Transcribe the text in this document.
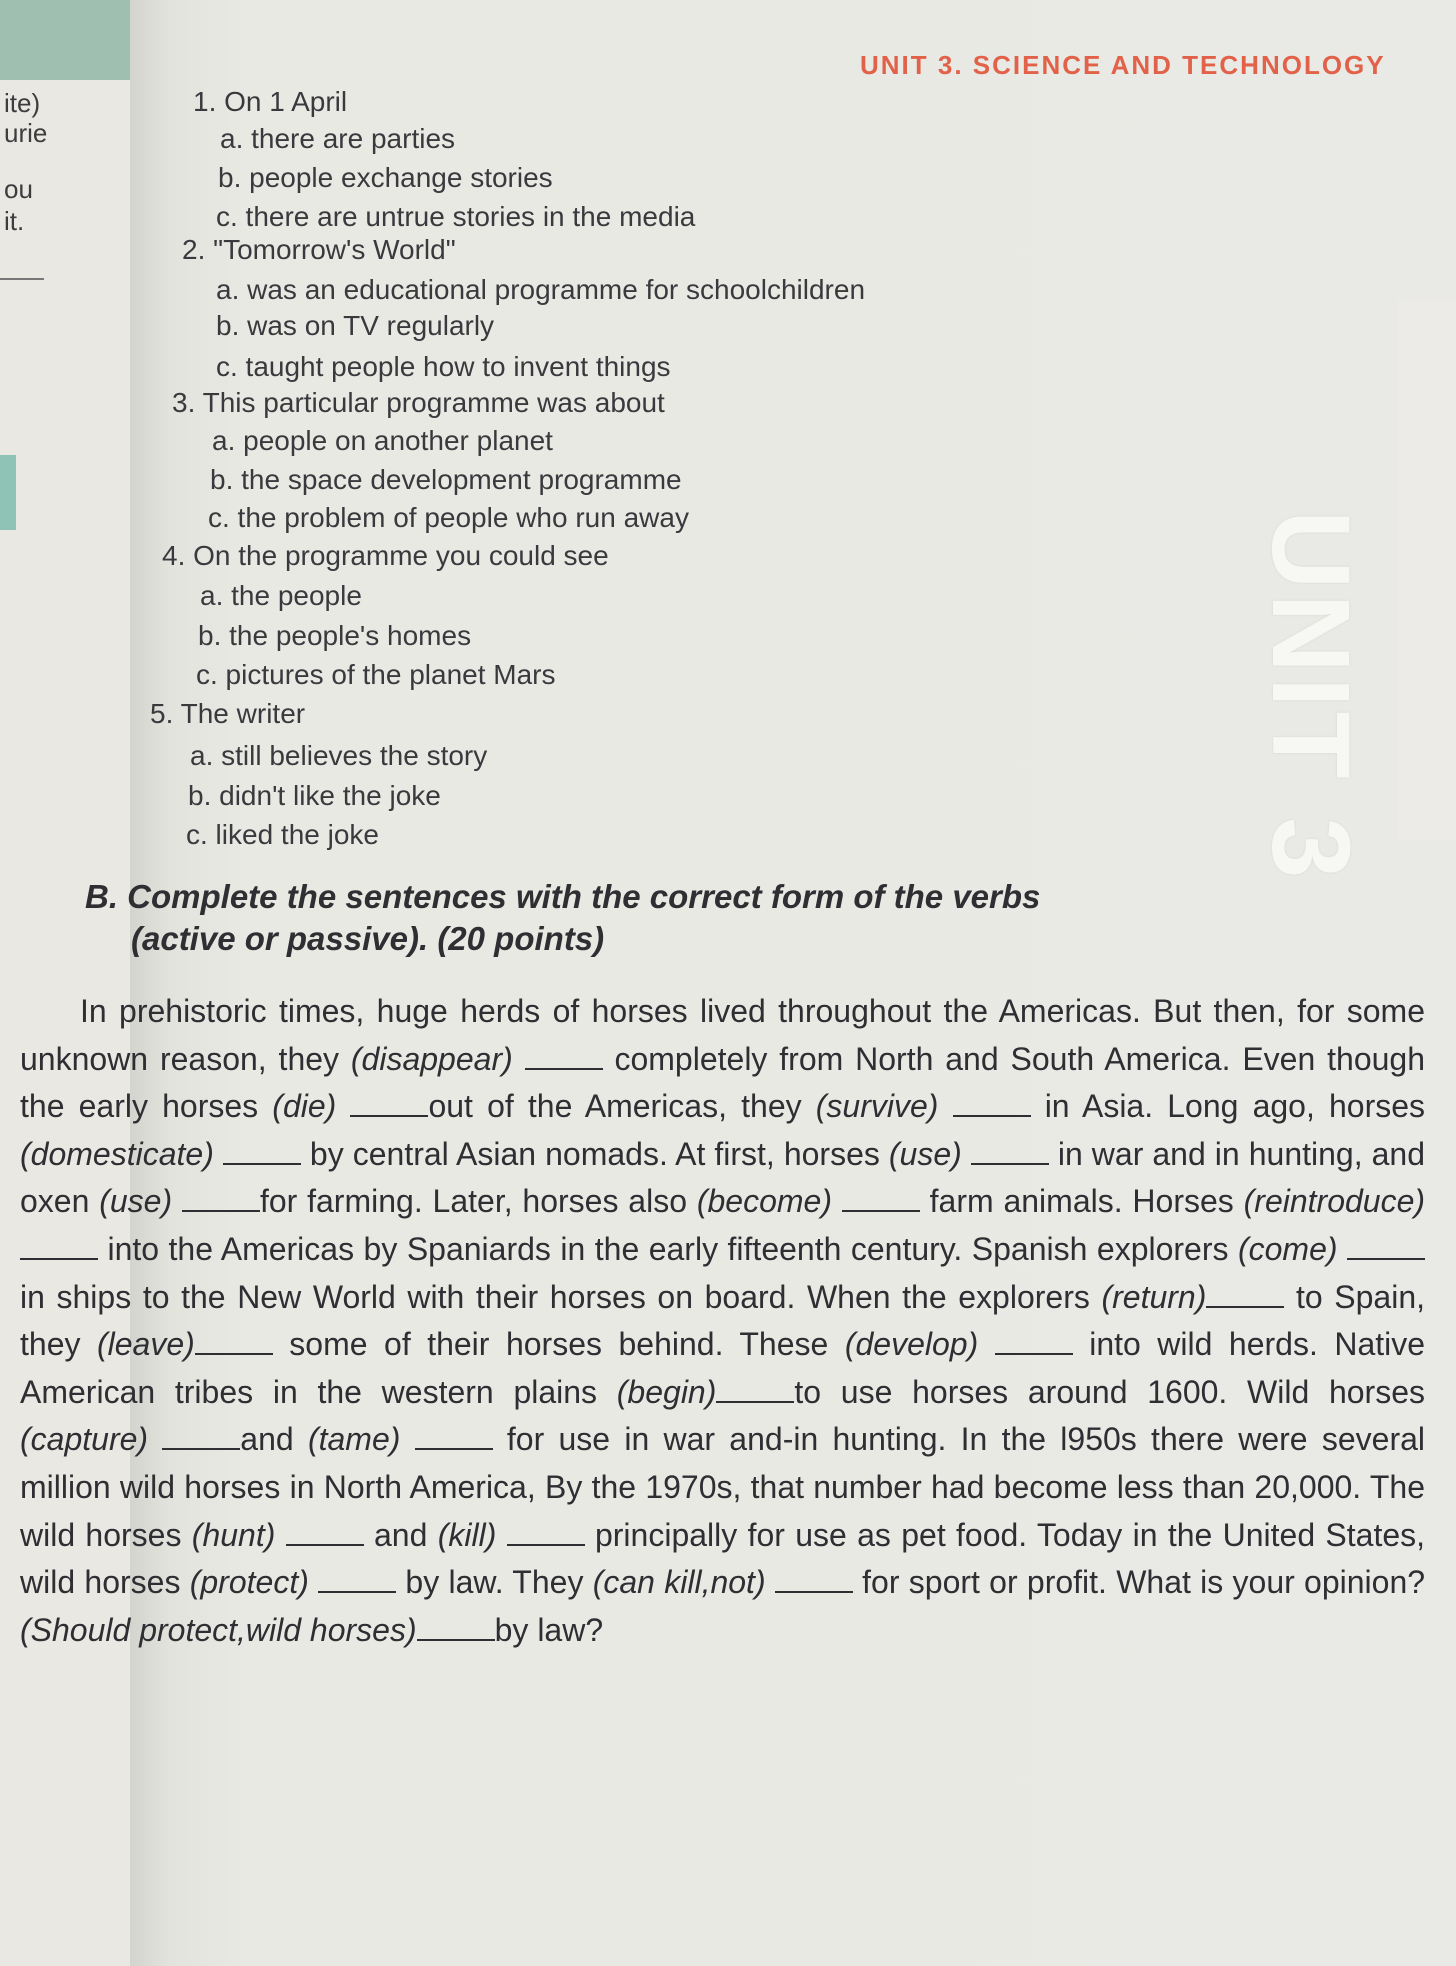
ite)

urie

ou

it.

UNIT 3. SCIENCE AND TECHNOLOGY
UNIT 3

1. On 1 April

a. there are parties

b. people exchange stories

c. there are untrue stories in the media

2. "Tomorrow's World"

a. was an educational programme for schoolchildren

b. was on TV regularly

c. taught people how to invent things

3. This particular programme was about

a. people on another planet

b. the space development programme

c. the problem of people who run away

4. On the programme you could see

a. the people

b. the people's homes

c. pictures of the planet Mars

5. The writer

a. still believes the story

b. didn't like the joke

c. liked the joke

B. Complete the sentences with the correct form of the verbs
(active or passive). (20 points)

In prehistoric times, huge herds of horses lived throughout the Americas. But then, for some unknown reason, they (disappear)	completely from North and South America. Even though the early horses (die)	out of the Americas, they (survive)	in Asia. Long ago, horses (domesticate)	by central Asian nomads. At first, horses (use)	in war and in hunting, and oxen (use)	for farming. Later, horses also (become)	farm animals. Horses (reintroduce)  into the Americas by Spaniards in the early fifteenth century. Spanish explorers (come)  in ships to the New World with their horses on board. When the explorers (return) to Spain, they (leave) some of their horses behind. These (develop)	into wild herds. Native American tribes in the western plains (begin) to use horses around 1600. Wild horses (capture)	and (tame)	for use in war and-in hunting. In the l950s there were several million wild horses in North America, By the 1970s, that number had become less than 20,000. The wild horses (hunt)	and (kill)	principally for use as pet food. Today in the United States, wild horses (protect)	by law. They (can kill,not)	for sport or profit. What is your opinion? (Should protect,wild horses) by law?
